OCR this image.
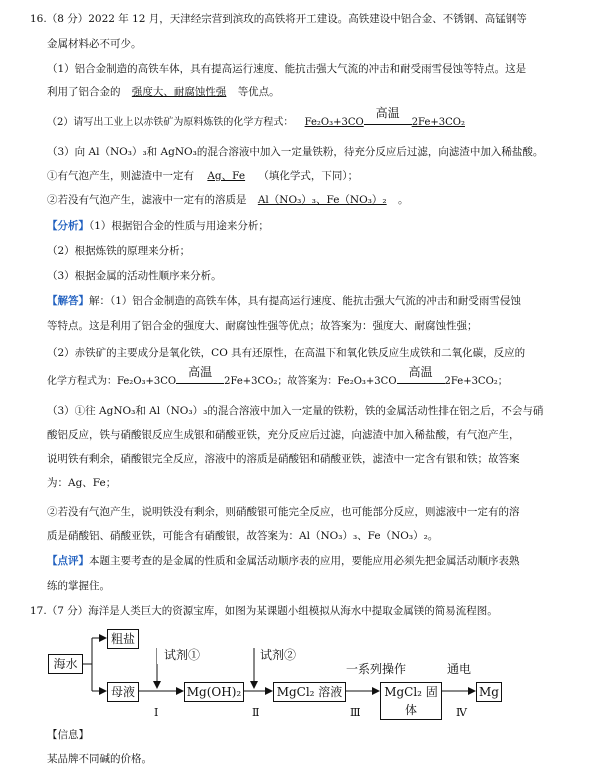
16.（8 分）2022 年 12 月，天津经宗营到滨玫的高铁将开工建设。高铁建设中铝合金、不锈钢、高锰钢等
金属材料必不可少。
（1）铝合金制造的高铁车体，具有提高运行速度、能抗击强大气流的冲击和耐受雨雪侵蚀等特点。这是
利用了铝合金的 强度大、耐腐蚀性强 等优点。
（2）请写出工业上以赤铁矿为原料炼铁的化学方程式： Fe₂O₃+3CO
高温
2Fe+3CO₂
（3）向 Al（NO₃）₃和 AgNO₃的混合溶液中加入一定量铁粉，待充分反应后过滤，向滤渣中加入稀盐酸。
①有气泡产生，则滤渣中一定有 Ag、Fe （填化学式，下同）；
②若没有气泡产生，滤液中一定有的溶质是 Al（NO₃）₃、Fe（NO₃）₂ 。
【分析】（1）根据铝合金的性质与用途来分析；
（2）根据炼铁的原理来分析；
（3）根据金属的活动性顺序来分析。
【解答】解：（1）铝合金制造的高铁车体，具有提高运行速度、能抗击强大气流的冲击和耐受雨雪侵蚀
等特点。这是利用了铝合金的强度大、耐腐蚀性强等优点；故答案为：强度大、耐腐蚀性强；
（2）赤铁矿的主要成分是氧化铁，CO 具有还原性，在高温下和氧化铁反应生成铁和二氧化碳，反应的
化学方程式为：Fe₂O₃+3CO
高温
2Fe+3CO₂；故答案为：Fe₂O₃+3CO
高温
2Fe+3CO₂；
（3）①往 AgNO₃和 Al（NO₃）₃的混合溶液中加入一定量的铁粉，铁的金属活动性排在铝之后，不会与硝
酸铝反应，铁与硝酸银反应生成银和硝酸亚铁，充分反应后过滤，向滤渣中加入稀盐酸，有气泡产生，
说明铁有剩余，硝酸银完全反应，溶液中的溶质是硝酸铝和硝酸亚铁，滤渣中一定含有银和铁；故答案
为：Ag、Fe；
②若没有气泡产生，说明铁没有剩余，则硝酸银可能完全反应，也可能部分反应，则滤液中一定有的溶
质是硝酸铝、硝酸亚铁，可能含有硝酸银，故答案为：Al（NO₃）₃、Fe（NO₃）₂。
【点评】本题主要考查的是金属的性质和金属活动顺序表的应用，要能应用必须先把金属活动顺序表熟
练的掌握住。
17.（7 分）海洋是人类巨大的资源宝库，如图为某课题小组模拟从海水中提取金属镁的简易流程图。
海水
粗盐
母液
试剂①
Mg(OH)₂
试剂②
MgCl₂ 溶液
一系列操作
MgCl₂ 固体
通电
Mg
Ⅰ	Ⅱ	Ⅲ	Ⅳ
【信息】
某品牌不同碱的价格。
